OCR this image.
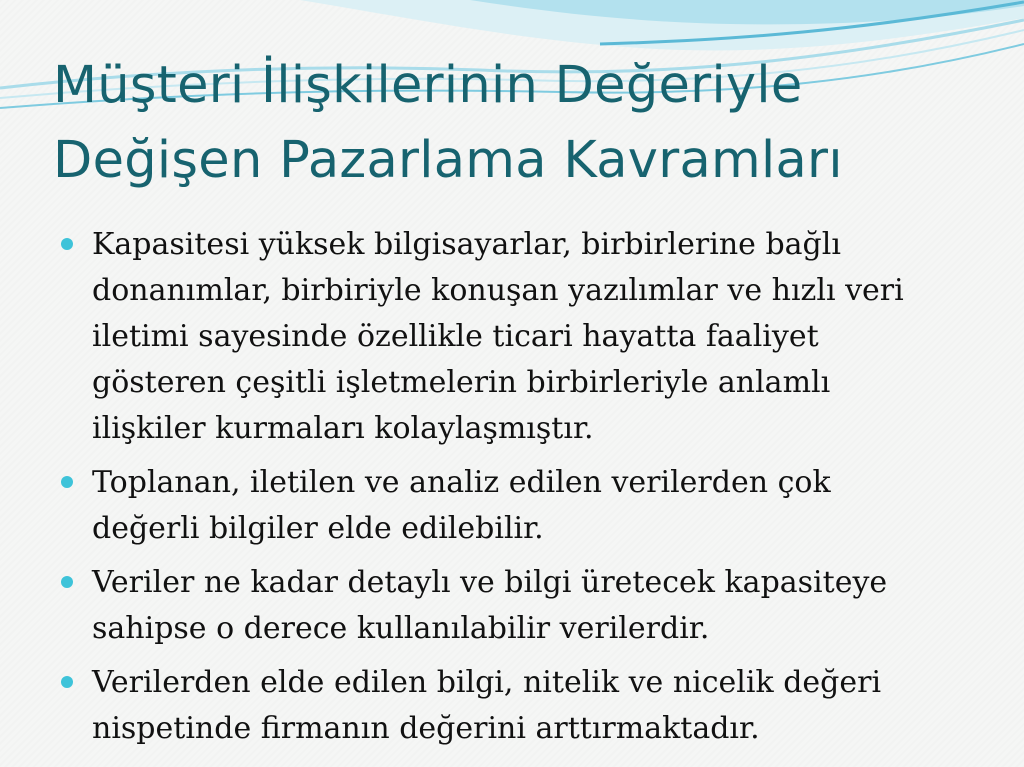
Müşteri İlişkilerinin Değeriyle
Değişen Pazarlama Kavramları
Kapasitesi yüksek bilgisayarlar, birbirlerine bağlı
donanımlar, birbiriyle konuşan yazılımlar ve hızlı veri
iletimi sayesinde özellikle ticari hayatta faaliyet
gösteren çeşitli işletmelerin birbirleriyle anlamlı
ilişkiler kurmaları kolaylaşmıştır.
Toplanan, iletilen ve analiz edilen verilerden çok
değerli bilgiler elde edilebilir.
Veriler ne kadar detaylı ve bilgi üretecek kapasiteye
sahipse o derece kullanılabilir verilerdir.
Verilerden elde edilen bilgi, nitelik ve nicelik değeri
nispetinde firmanın değerini arttırmaktadır.
